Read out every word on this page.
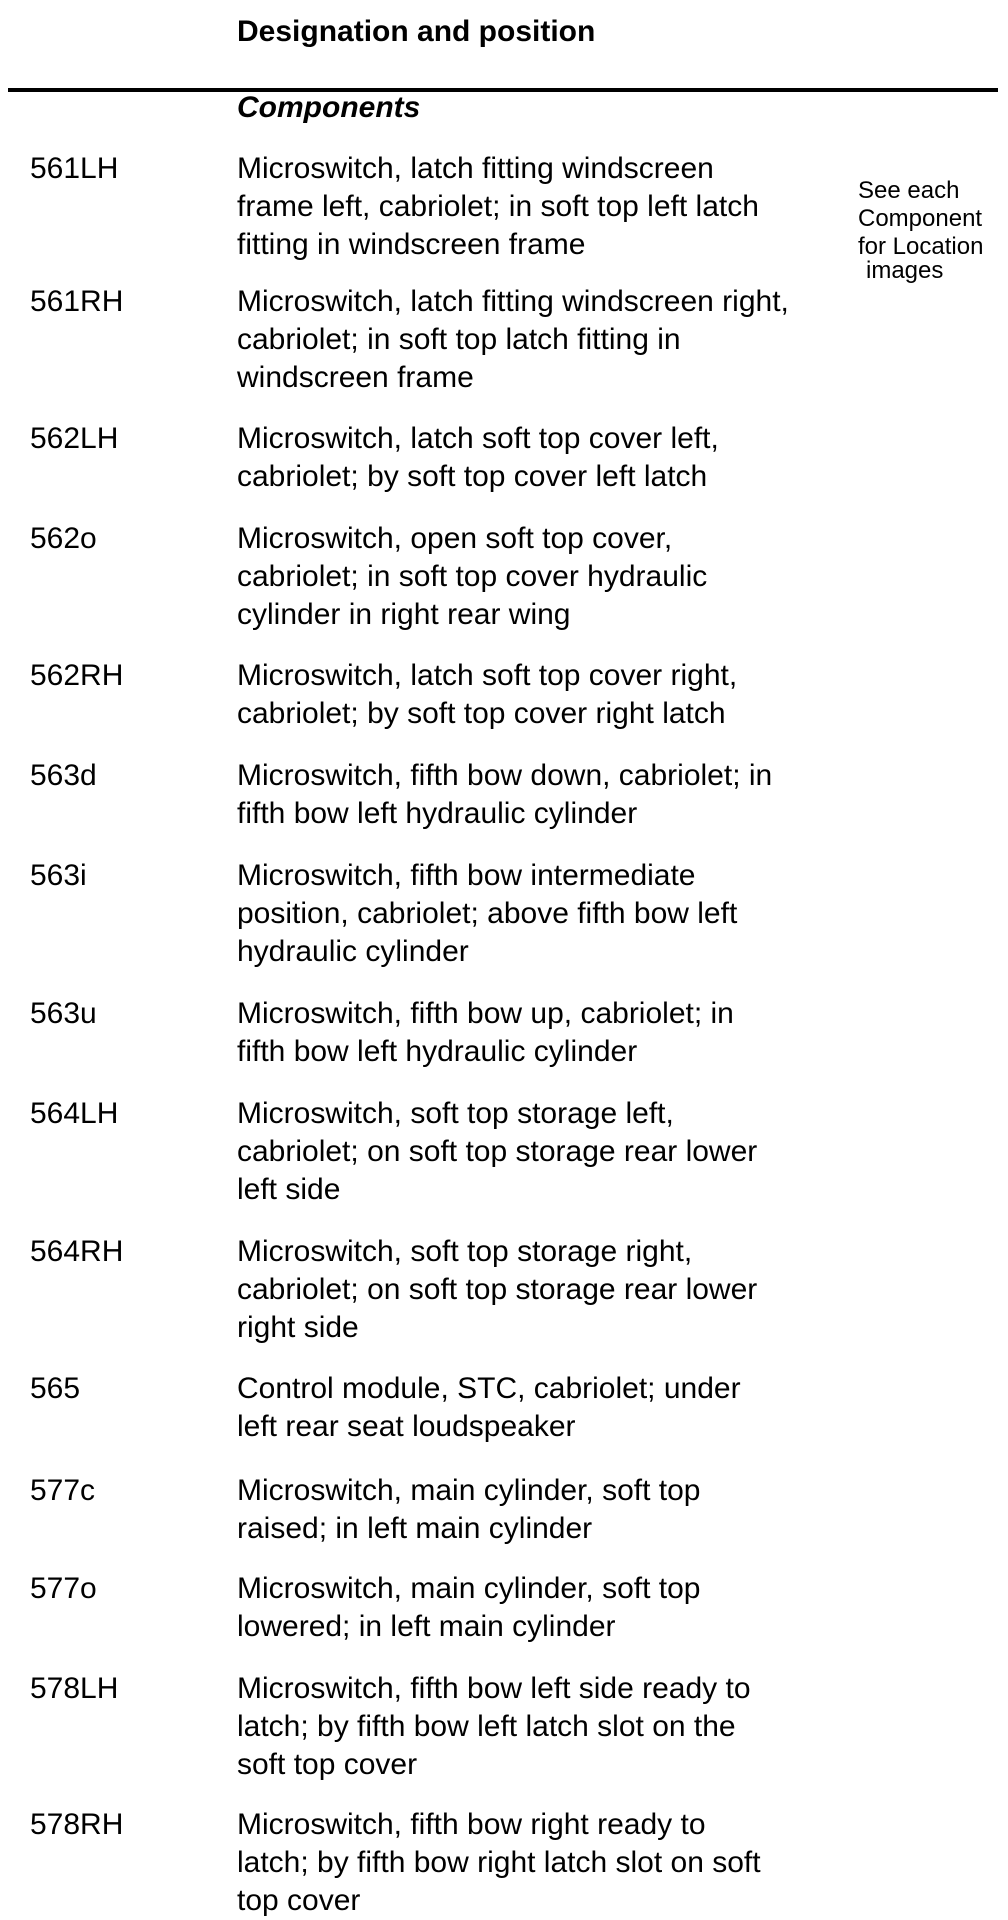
Designation and position
Components
See each
Component
for Location
images
561LH	Microswitch, latch fitting windscreen
frame left, cabriolet; in soft top left latch
fitting in windscreen frame
561RH	Microswitch, latch fitting windscreen right,
cabriolet; in soft top latch fitting in
windscreen frame
562LH	Microswitch, latch soft top cover left,
cabriolet; by soft top cover left latch
562o	Microswitch, open soft top cover,
cabriolet; in soft top cover hydraulic
cylinder in right rear wing
562RH	Microswitch, latch soft top cover right,
cabriolet; by soft top cover right latch
563d	Microswitch, fifth bow down, cabriolet; in
fifth bow left hydraulic cylinder
563i	Microswitch, fifth bow intermediate
position, cabriolet; above fifth bow left
hydraulic cylinder
563u	Microswitch, fifth bow up, cabriolet; in
fifth bow left hydraulic cylinder
564LH	Microswitch, soft top storage left,
cabriolet; on soft top storage rear lower
left side
564RH	Microswitch, soft top storage right,
cabriolet; on soft top storage rear lower
right side
565	Control module, STC, cabriolet; under
left rear seat loudspeaker
577c	Microswitch, main cylinder, soft top
raised; in left main cylinder
577o	Microswitch, main cylinder, soft top
lowered; in left main cylinder
578LH	Microswitch, fifth bow left side ready to
latch; by fifth bow left latch slot on the
soft top cover
578RH	Microswitch, fifth bow right ready to
latch; by fifth bow right latch slot on soft
top cover
